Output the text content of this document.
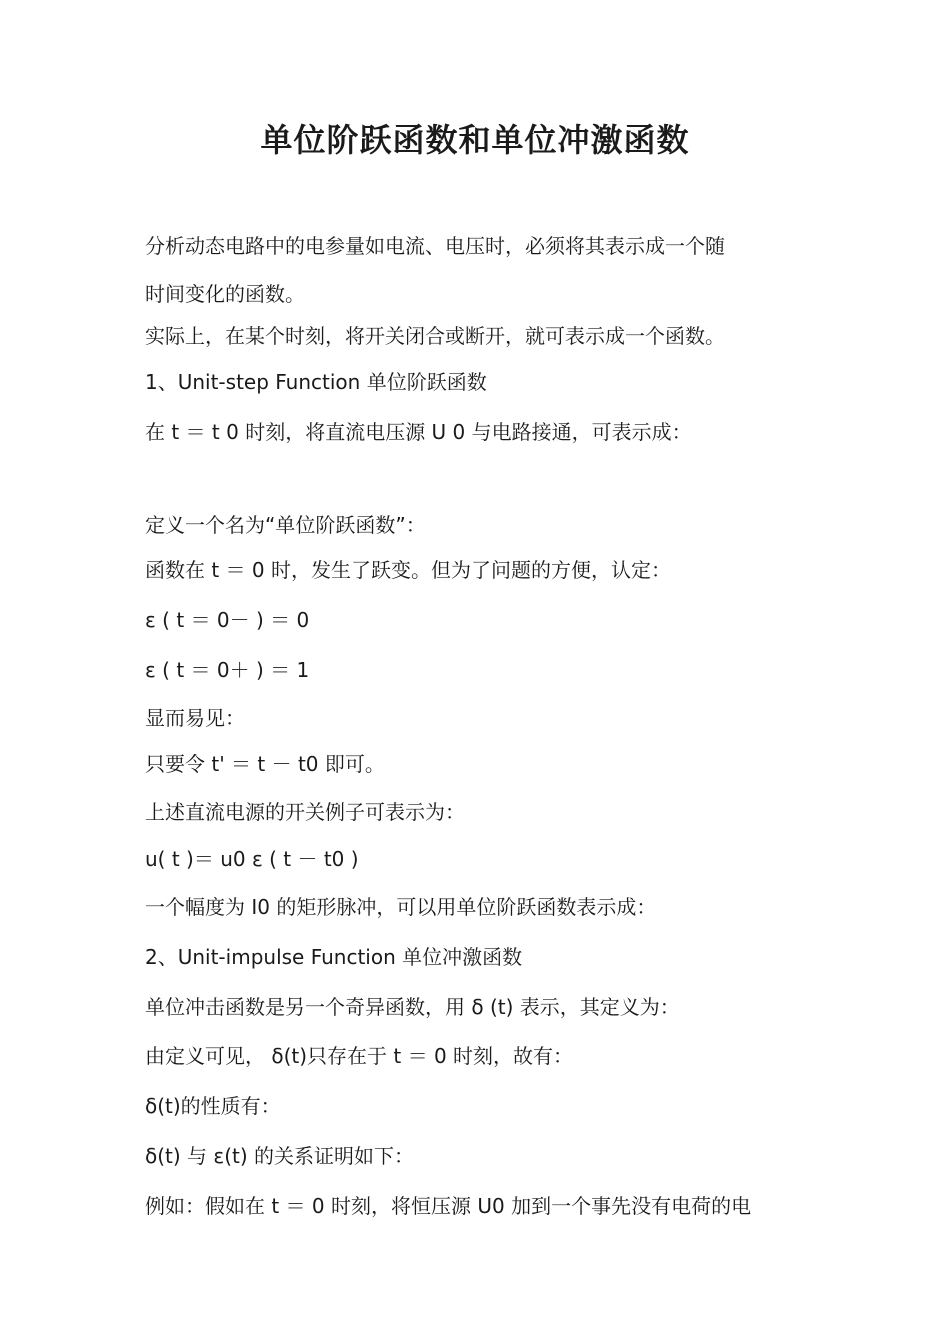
单位阶跃函数和单位冲激函数
分析动态电路中的电参量如电流、电压时，必须将其表示成一个随
时间变化的函数。
实际上，在某个时刻，将开关闭合或断开，就可表示成一个函数。
1、Unit-step Function 单位阶跃函数
在 t ＝ t 0 时刻，将直流电压源 U 0 与电路接通，可表示成：
定义一个名为“单位阶跃函数”：
函数在 t ＝ 0 时，发生了跃变。但为了问题的方便，认定：
ε ( t ＝ 0－ ) ＝ 0
ε ( t ＝ 0＋ ) ＝ 1
显而易见：
只要令 t' ＝ t － t0 即可。
上述直流电源的开关例子可表示为：
u( t )＝ u0 ε ( t － t0 )
一个幅度为 I0 的矩形脉冲，可以用单位阶跃函数表示成：
2、Unit-impulse Function 单位冲激函数
单位冲击函数是另一个奇异函数，用 δ (t) 表示，其定义为：
由定义可见， δ(t)只存在于 t ＝ 0 时刻，故有：
δ(t)的性质有：
δ(t) 与 ε(t) 的关系证明如下：
例如：假如在 t ＝ 0 时刻，将恒压源 U0 加到一个事先没有电荷的电
